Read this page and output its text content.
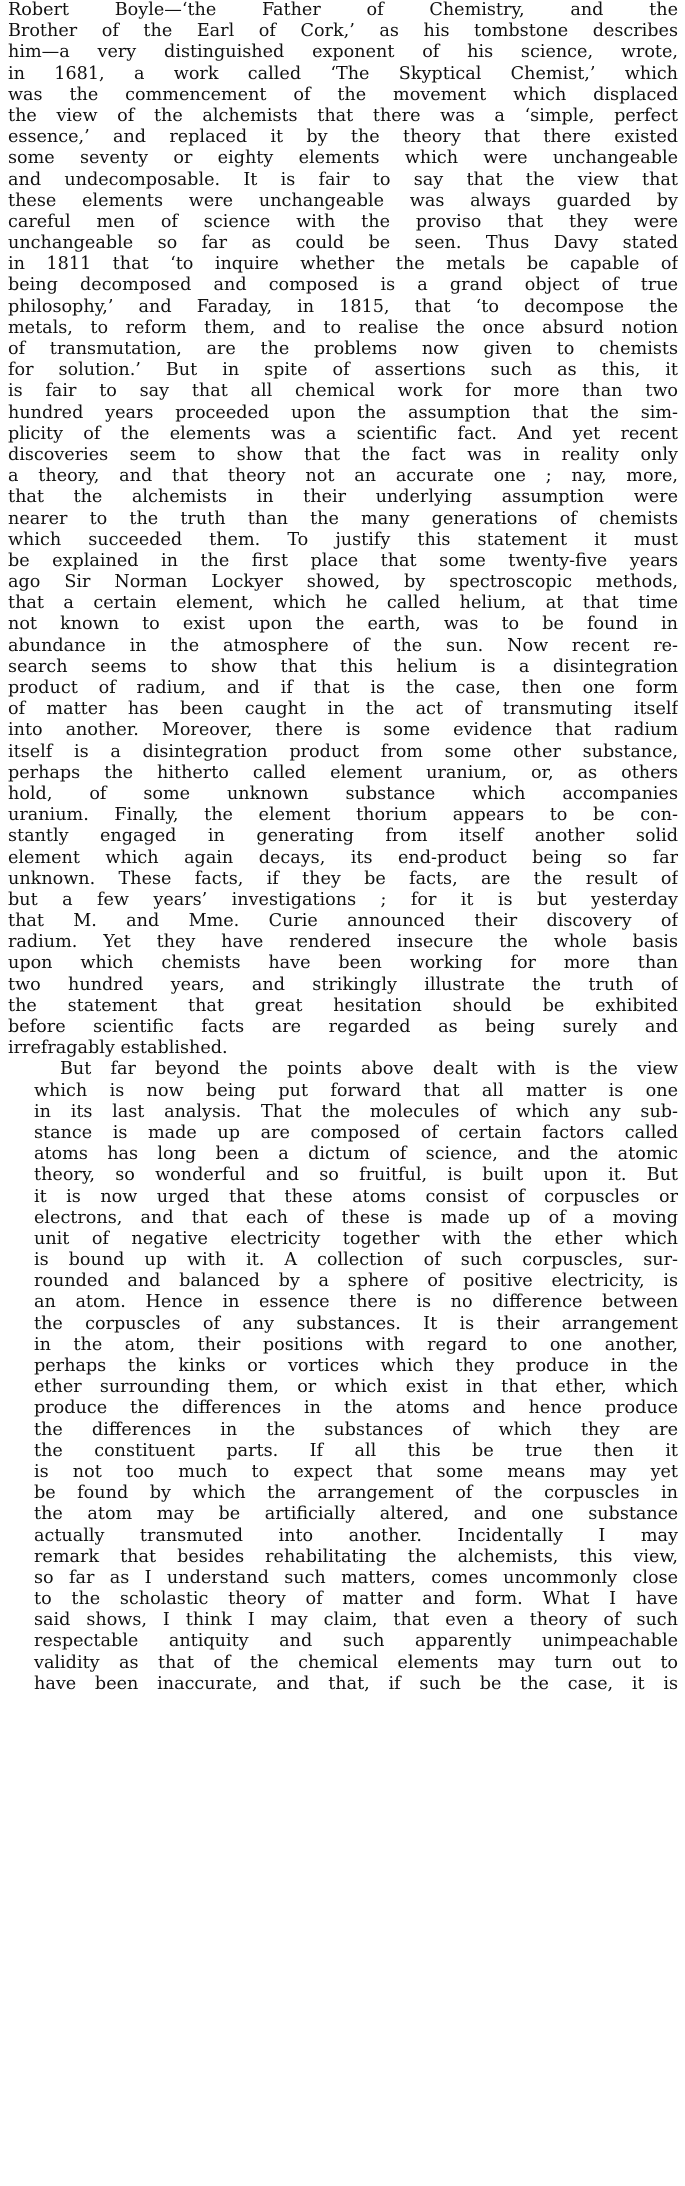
Robert Boyle—‘the Father of Chemistry, and the
Brother of the Earl of Cork,’ as his tombstone describes
him—a very distinguished exponent of his science, wrote,
in 1681, a work called ‘The Skyptical Chemist,’ which
was the commencement of the movement which displaced
the view of the alchemists that there was a ‘simple, perfect
essence,’ and replaced it by the theory that there existed
some seventy or eighty elements which were unchangeable
and undecomposable. It is fair to say that the view that
these elements were unchangeable was always guarded by
careful men of science with the proviso that they were
unchangeable so far as could be seen. Thus Davy stated
in 1811 that ‘to inquire whether the metals be capable of
being decomposed and composed is a grand object of true
philosophy,’ and Faraday, in 1815, that ‘to decompose the
metals, to reform them, and to realise the once absurd notion
of transmutation, are the problems now given to chemists
for solution.’ But in spite of assertions such as this, it
is fair to say that all chemical work for more than two
hundred years proceeded upon the assumption that the sim-
plicity of the elements was a scientific fact. And yet recent
discoveries seem to show that the fact was in reality only
a theory, and that theory not an accurate one ; nay, more,
that the alchemists in their underlying assumption were
nearer to the truth than the many generations of chemists
which succeeded them. To justify this statement it must
be explained in the first place that some twenty-five years
ago Sir Norman Lockyer showed, by spectroscopic methods,
that a certain element, which he called helium, at that time
not known to exist upon the earth, was to be found in
abundance in the atmosphere of the sun. Now recent re-
search seems to show that this helium is a disintegration
product of radium, and if that is the case, then one form
of matter has been caught in the act of transmuting itself
into another. Moreover, there is some evidence that radium
itself is a disintegration product from some other substance,
perhaps the hitherto called element uranium, or, as others
hold, of some unknown substance which accompanies
uranium. Finally, the element thorium appears to be con-
stantly engaged in generating from itself another solid
element which again decays, its end-product being so far
unknown. These facts, if they be facts, are the result of
but a few years’ investigations ; for it is but yesterday
that M. and Mme. Curie announced their discovery of
radium. Yet they have rendered insecure the whole basis
upon which chemists have been working for more than
two hundred years, and strikingly illustrate the truth of
the statement that great hesitation should be exhibited
before scientific facts are regarded as being surely and
irrefragably established.
But far beyond the points above dealt with is the view
which is now being put forward that all matter is one
in its last analysis. That the molecules of which any sub-
stance is made up are composed of certain factors called
atoms has long been a dictum of science, and the atomic
theory, so wonderful and so fruitful, is built upon it. But
it is now urged that these atoms consist of corpuscles or
electrons, and that each of these is made up of a moving
unit of negative electricity together with the ether which
is bound up with it. A collection of such corpuscles, sur-
rounded and balanced by a sphere of positive electricity, is
an atom. Hence in essence there is no difference between
the corpuscles of any substances. It is their arrangement
in the atom, their positions with regard to one another,
perhaps the kinks or vortices which they produce in the
ether surrounding them, or which exist in that ether, which
produce the differences in the atoms and hence produce
the differences in the substances of which they are
the constituent parts. If all this be true then it
is not too much to expect that some means may yet
be found by which the arrangement of the corpuscles in
the atom may be artificially altered, and one substance
actually transmuted into another. Incidentally I may
remark that besides rehabilitating the alchemists, this view,
so far as I understand such matters, comes uncommonly close
to the scholastic theory of matter and form. What I have
said shows, I think I may claim, that even a theory of such
respectable antiquity and such apparently unimpeachable
validity as that of the chemical elements may turn out to
have been inaccurate, and that, if such be the case, it is
